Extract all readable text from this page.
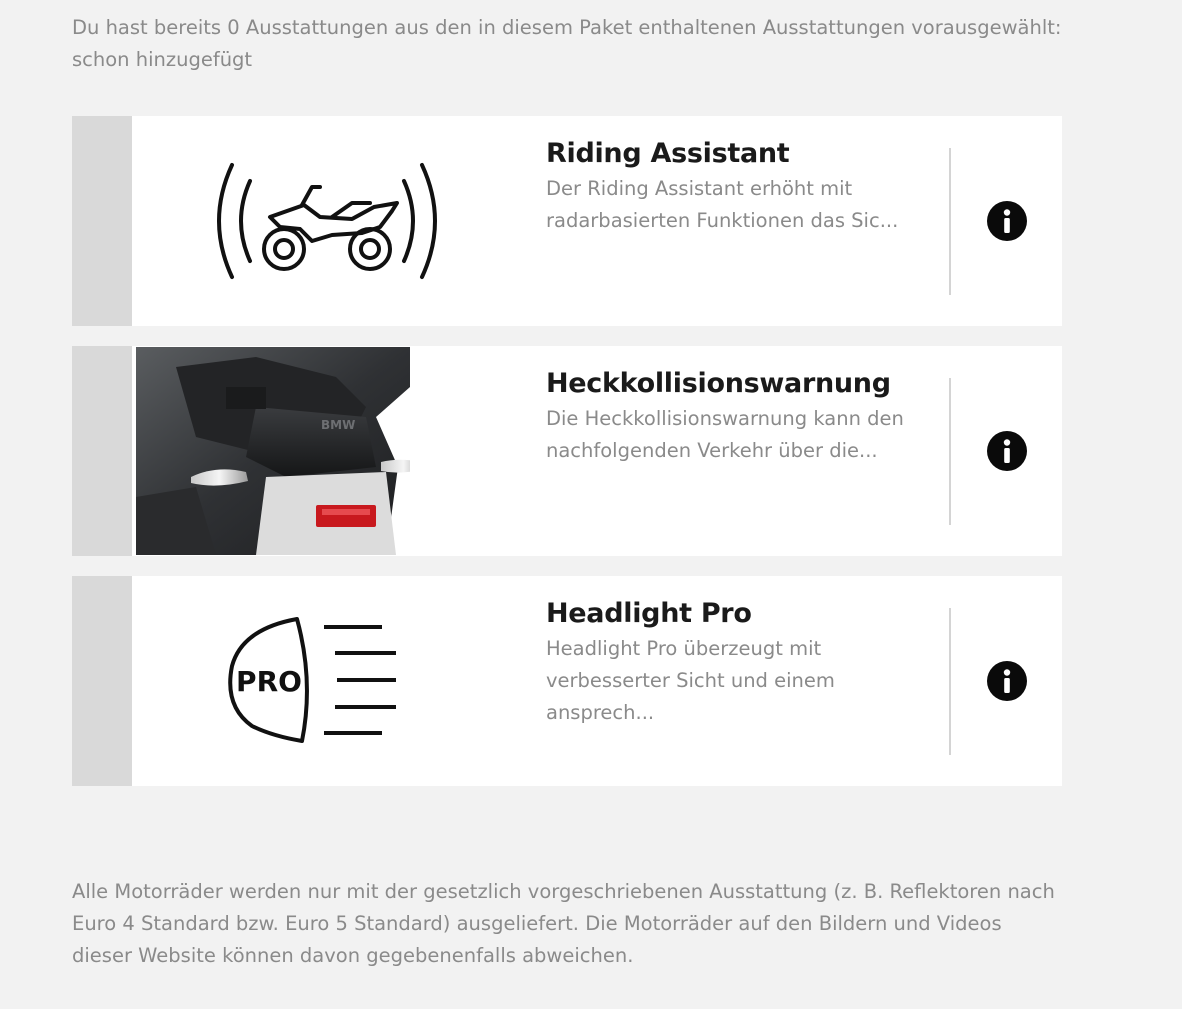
Du hast bereits 0 Ausstattungen aus den in diesem Paket enthaltenen Ausstattungen vorausgewählt: schon hinzugefügt
Riding Assistant
Der Riding Assistant erhöht mit radarbasierten Funktionen das Sic...
BMW
Heckkollisionswarnung
Die Heckkollisionswarnung kann den nachfolgenden Verkehr über die...
PRO
Headlight Pro
Headlight Pro überzeugt mit verbesserter Sicht und einem ansprech...
Alle Motorräder werden nur mit der gesetzlich vorgeschriebenen Ausstattung (z. B. Reflektoren nach Euro 4 Standard bzw. Euro 5 Standard) ausgeliefert. Die Motorräder auf den Bildern und Videos dieser Website können davon gegebenenfalls abweichen.
